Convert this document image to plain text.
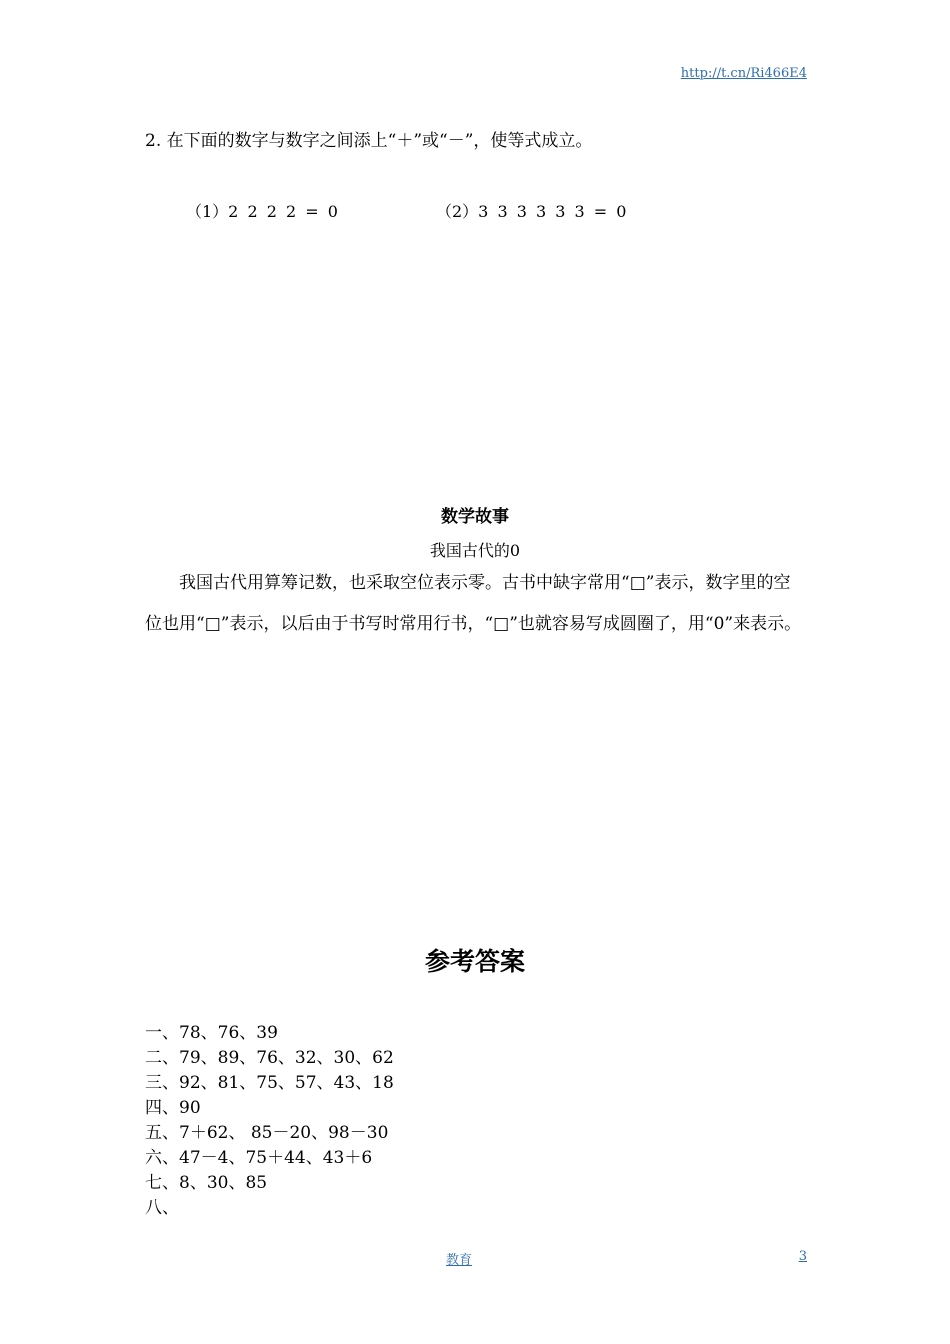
http://t.cn/Ri466E4
2. 在下面的数字与数字之间添上“＋”或“－”，使等式成立。
（1）2 2 2 2 = 0	（2）3 3 3 3 3 3 = 0
数学故事
我国古代的0
我国古代用算筹记数，也采取空位表示零。古书中缺字常用“□”表示，数字里的空位也用“□”表示，以后由于书写时常用行书，“□”也就容易写成圆圈了，用“0”来表示。
参考答案
一、78、76、39
二、79、89、76、32、30、62
三、92、81、75、57、43、18
四、90
五、7＋62、 85－20、98－30
六、47－4、75＋44、43＋6
七、8、30、85
八、
教育	3
